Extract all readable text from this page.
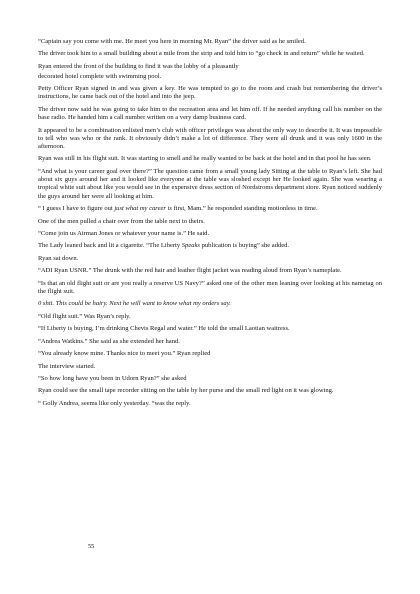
“Captain say you come with me. He meet you here in morning Mr. Ryan” the driver said as he smiled.

The driver took him to a small building about a mile from the strip and told him to “go check in and return” while he waited.

Ryan entered the front of the building to find it was the lobby of a pleasantly

decorated hotel complete with swimming pool.

Petty Officer Ryan signed in and was given a key. He was tempted to go to the room and crash but remembering the driver’s instructions, he came back out of the hotel and into the jeep.

The driver now said he was going to take him to the recreation area and let him off. If he needed anything call his number on the base radio. He handed him a call number written on a very damp business card.

It appeared to be a combination enlisted men’s club with officer privileges was about the only way to describe it. It was impossible to tell who was who or the rank. It obviously didn’t make a lot of difference. They were all drunk and it was only 1600 in the afternoon.

Ryan was still in his flight suit. It was starting to smell and he really wanted to be back at the hotel and in that pool he has seen.

“And what is your career goal over there?” The question came from a small young lady Sitting at the table to Ryan’s left. She had about six guys around her and it looked like everyone at the table was sloshed except her He looked again. She was wearing a tropical white suit about like you would see in the expensive dress section of Nordstroms department store. Ryan noticed suddenly the guys around her were all looking at him.

“ I guess I have to figure out just what my career is first, Mam.” he responded standing motionless in time.

One of the men pulled a chair over from the table next to theirs.

“Come join us Airman Jones or whatever your name is.” He said.

The Lady leaned back and lit a cigarette. “The Liberty Speaks publication is buying” she added.

Ryan sat down.

“ADI Ryan USNR.” The drunk with the red hair and leather flight jacket was reading aloud from Ryan’s nameplate.

“Is that an old flight suit or are you really a reserve US Navy?” asked one of the other men leaning over looking at his nametag on the flight suit.

0 shit. This could be hairy. Next he will want to know what my orders say.

“Old flight suit.” Was Ryan’s reply.

“If Liberty is buying, I’m drinking Chevis Regal and water.” He told the small Laotian waitress.

“Andrea Watkins.” She said as she extended her hand.

“You already know mine. Thanks nice to meet you.” Ryan replied

The interview started.

“So how long have you been in Udorn Ryan?” she asked

Ryan could see the small tape recorder sitting on the table by her purse and the small red light on it was glowing.

“ Golly Andrea, seems like only yesterday. “was the reply.

55
